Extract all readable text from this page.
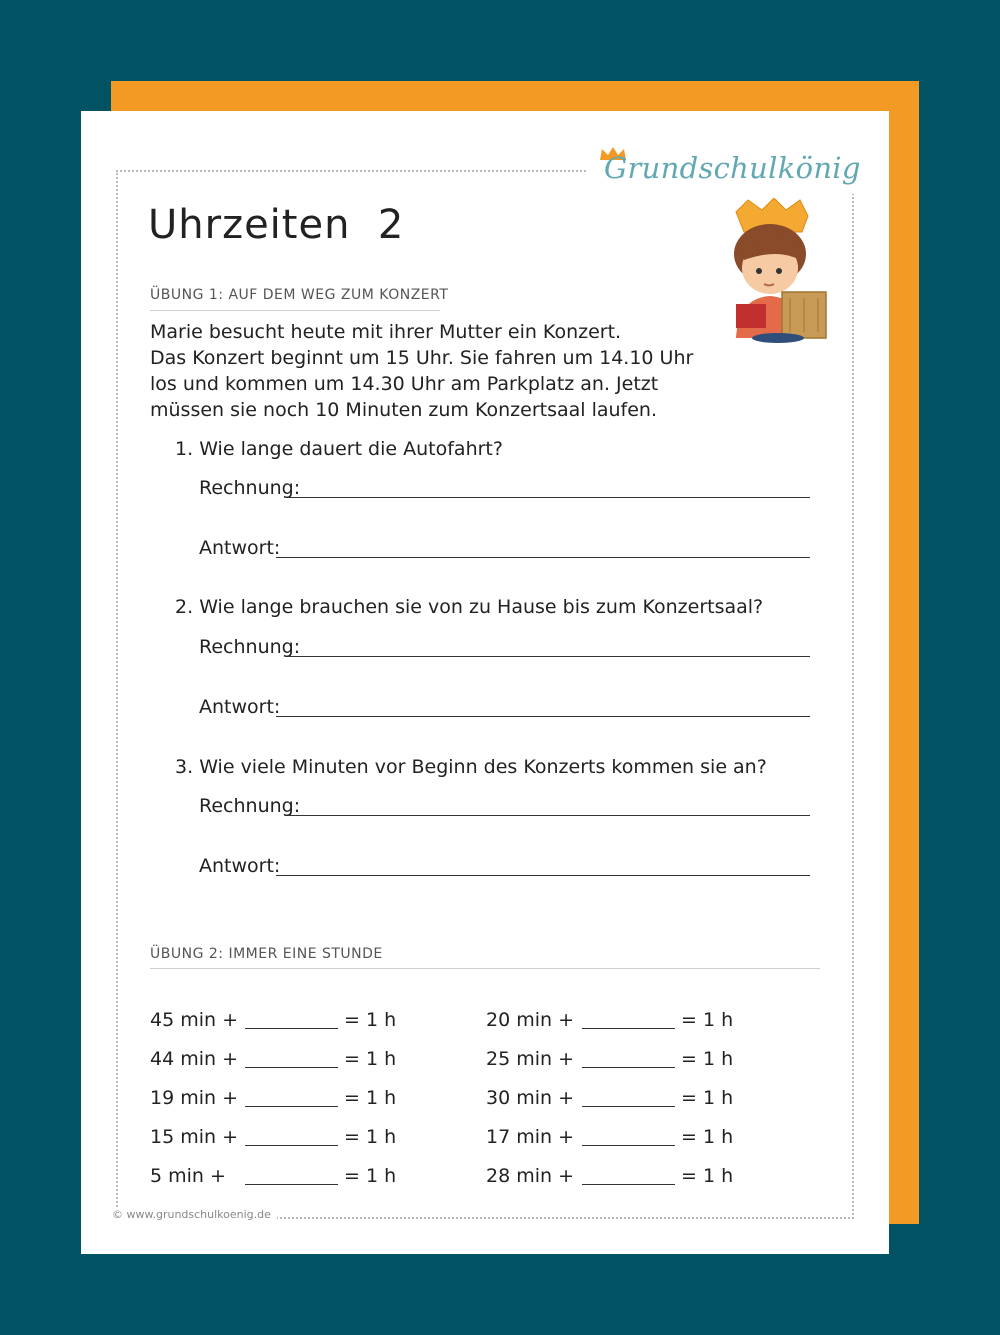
Grundschulkönig
Uhrzeiten  2
ÜBUNG 1: AUF DEM WEG ZUM KONZERT
Marie besucht heute mit ihrer Mutter ein Konzert.
Das Konzert beginnt um 15 Uhr. Sie fahren um 14.10 Uhr
los und kommen um 14.30 Uhr am Parkplatz an. Jetzt
müssen sie noch 10 Minuten zum Konzertsaal laufen.
1. Wie lange dauert die Autofahrt?
Rechnung:
Antwort:
2. Wie lange brauchen sie von zu Hause bis zum Konzertsaal?
Rechnung:
Antwort:
3. Wie viele Minuten vor Beginn des Konzerts kommen sie an?
Rechnung:
Antwort:
ÜBUNG 2: IMMER EINE STUNDE
45 min +	= 1 h
44 min +	= 1 h
19 min +	= 1 h
15 min +	= 1 h
5 min +	= 1 h
20 min +	= 1 h
25 min +	= 1 h
30 min +	= 1 h
17 min +	= 1 h
28 min +	= 1 h
© www.grundschulkoenig.de
